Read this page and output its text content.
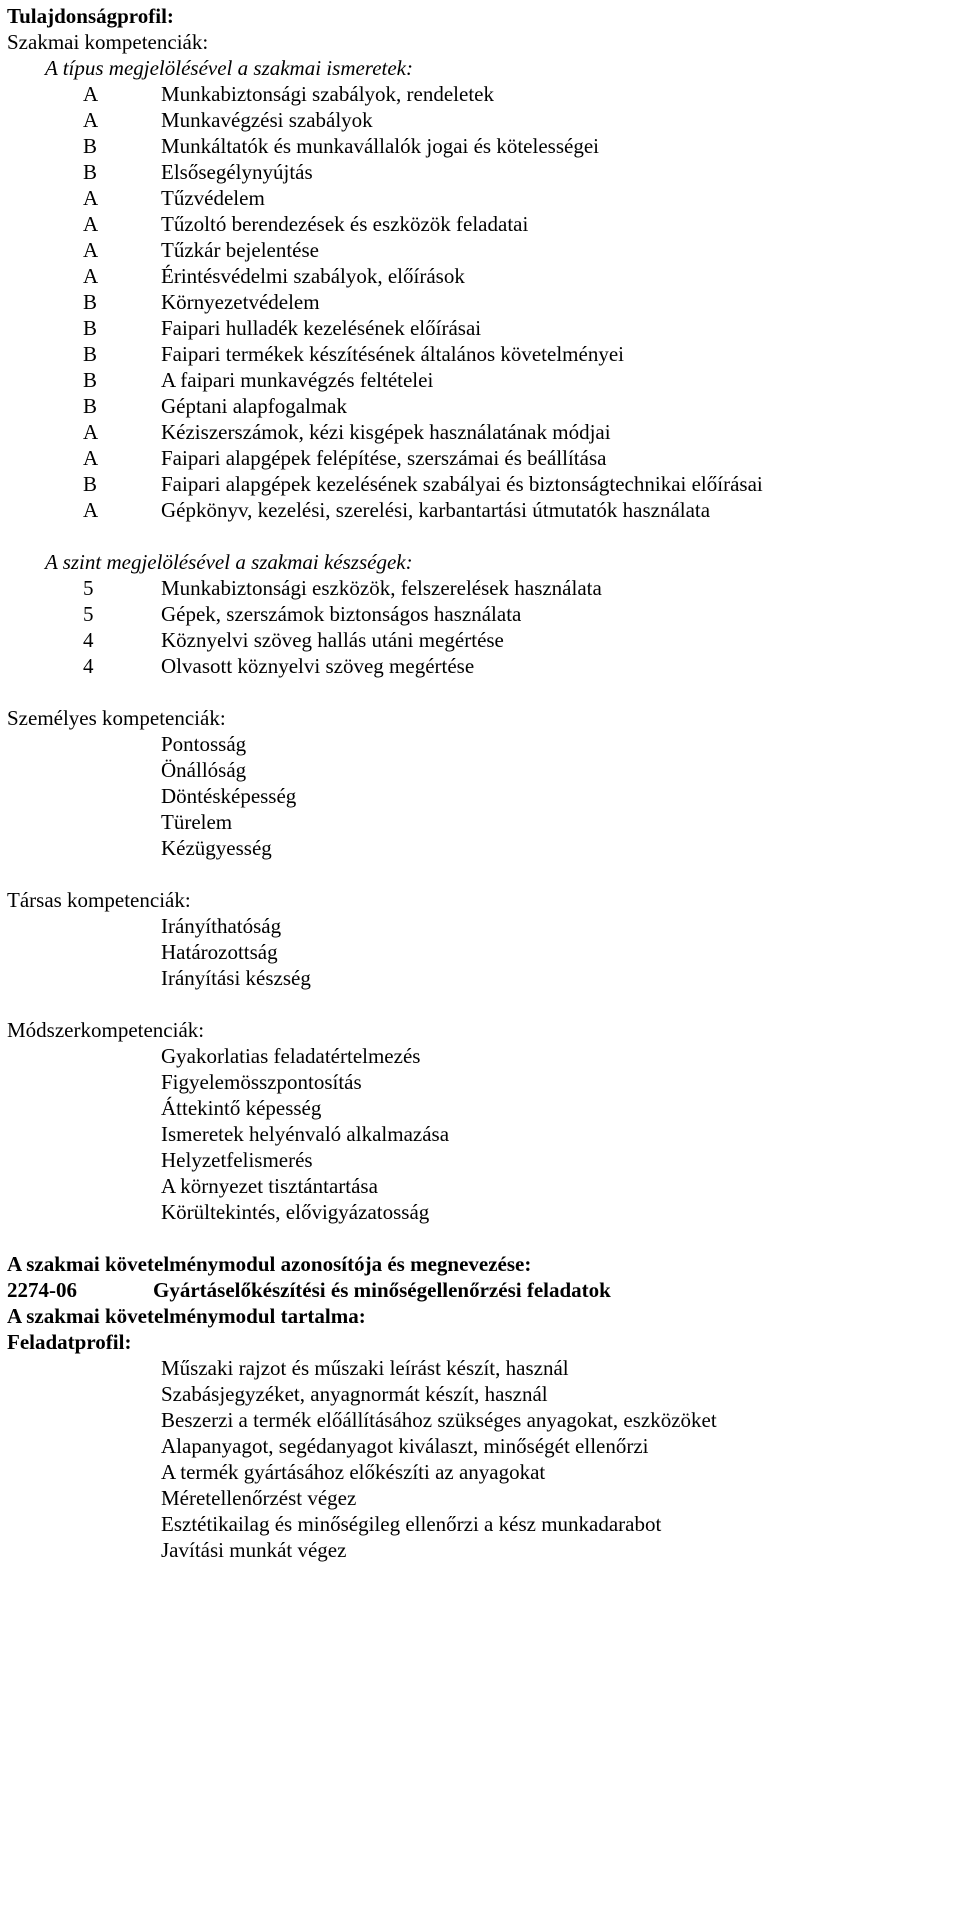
Tulajdonságprofil:
Szakmai kompetenciák:
A típus megjelölésével a szakmai ismeretek:
A	Munkabiztonsági szabályok, rendeletek
A	Munkavégzési szabályok
B	Munkáltatók és munkavállalók jogai és kötelességei
B	Elsősegélynyújtás
A	Tűzvédelem
A	Tűzoltó berendezések és eszközök feladatai
A	Tűzkár bejelentése
A	Érintésvédelmi szabályok, előírások
B	Környezetvédelem
B	Faipari hulladék kezelésének előírásai
B	Faipari termékek készítésének általános követelményei
B	A faipari munkavégzés feltételei
B	Géptani alapfogalmak
A	Kéziszerszámok, kézi kisgépek használatának módjai
A	Faipari alapgépek felépítése, szerszámai és beállítása
B	Faipari alapgépek kezelésének szabályai és biztonságtechnikai előírásai
A	Gépkönyv, kezelési, szerelési, karbantartási útmutatók használata
A szint megjelölésével a szakmai készségek:
5	Munkabiztonsági eszközök, felszerelések használata
5	Gépek, szerszámok biztonságos használata
4	Köznyelvi szöveg hallás utáni megértése
4	Olvasott köznyelvi szöveg megértése
Személyes kompetenciák:
Pontosság
Önállóság
Döntésképesség
Türelem
Kézügyesség
Társas kompetenciák:
Irányíthatóság
Határozottság
Irányítási készség
Módszerkompetenciák:
Gyakorlatias feladatértelmezés
Figyelemösszpontosítás
Áttekintő képesség
Ismeretek helyénvaló alkalmazása
Helyzetfelismerés
A környezet tisztántartása
Körültekintés, elővigyázatosság
A szakmai követelménymodul azonosítója és megnevezése:
2274-06	Gyártáselőkészítési és minőségellenőrzési feladatok
A szakmai követelménymodul tartalma:
Feladatprofil:
Műszaki rajzot és műszaki leírást készít, használ
Szabásjegyzéket, anyagnormát készít, használ
Beszerzi a termék előállításához szükséges anyagokat, eszközöket
Alapanyagot, segédanyagot kiválaszt, minőségét ellenőrzi
A termék gyártásához előkészíti az anyagokat
Méretellenőrzést végez
Esztétikailag és minőségileg ellenőrzi a kész munkadarabot
Javítási munkát végez
